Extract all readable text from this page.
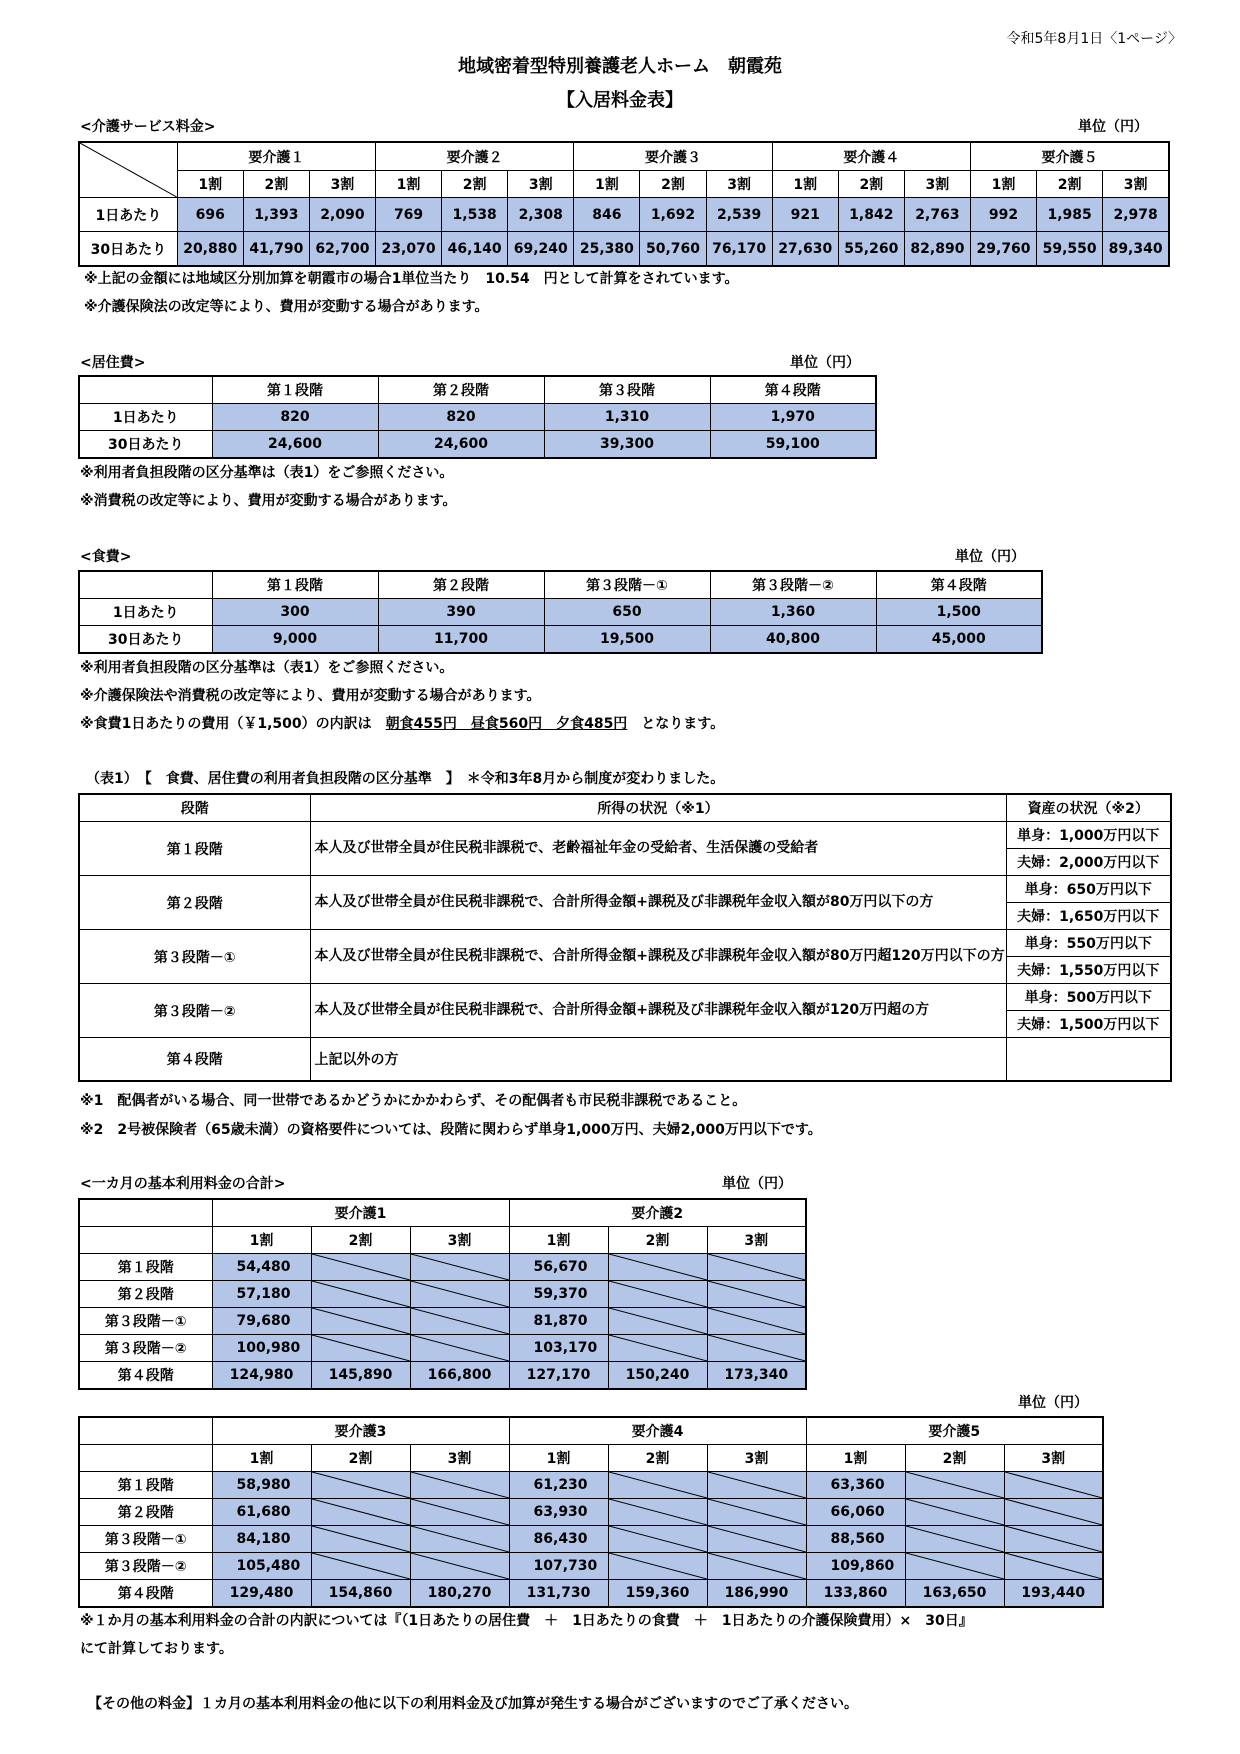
令和5年8月1日〈1ページ〉
地域密着型特別養護老人ホーム　朝霞苑
【入居料金表】
<介護サービス料金>	単位（円）
	要介護１			要介護２			要介護３			要介護４			要介護５		
	1割	2割	3割	1割	2割	3割	1割	2割	3割	1割	2割	3割	1割	2割	3割
1日あたり	696	1,393	2,090	769	1,538	2,308	846	1,692	2,539	921	1,842	2,763	992	1,985	2,978
30日あたり	20,880	41,790	62,700	23,070	46,140	69,240	25,380	50,760	76,170	27,630	55,260	82,890	29,760	59,550	89,340
※上記の金額には地域区分別加算を朝霞市の場合1単位当たり　10.54　円として計算をされています。
※介護保険法の改定等により、費用が変動する場合があります。
<居住費>	単位（円）
	第１段階	第２段階	第３段階	第４段階
1日あたり	820	820	1,310	1,970
30日あたり	24,600	24,600	39,300	59,100
※利用者負担段階の区分基準は（表1）をご参照ください。
※消費税の改定等により、費用が変動する場合があります。
<食費>	単位（円）
	第１段階	第２段階	第３段階－①	第３段階－②	第４段階
1日あたり	300	390	650	1,360	1,500
30日あたり	9,000	11,700	19,500	40,800	45,000
※利用者負担段階の区分基準は（表1）をご参照ください。
※介護保険法や消費税の改定等により、費用が変動する場合があります。
※食費1日あたりの費用（￥1,500）の内訳は　朝食455円　昼食560円　夕食485円　となります。
（表1）　【　食費、居住費の利用者負担段階の区分基準　】　＊令和3年8月から制度が変わりました。
段階	所得の状況（※1）	資産の状況（※2）
第１段階	本人及び世帯全員が住民税非課税で、老齢福祉年金の受給者、生活保護の受給者	単身：1,000万円以下
		夫婦：2,000万円以下
第２段階	本人及び世帯全員が住民税非課税で、合計所得金額+課税及び非課税年金収入額が80万円以下の方	単身：650万円以下
		夫婦：1,650万円以下
第３段階－①	本人及び世帯全員が住民税非課税で、合計所得金額+課税及び非課税年金収入額が80万円超120万円以下の方	単身：550万円以下
		夫婦：1,550万円以下
第３段階－②	本人及び世帯全員が住民税非課税で、合計所得金額+課税及び非課税年金収入額が120万円超の方	単身：500万円以下
		夫婦：1,500万円以下
第４段階	上記以外の方	
※1　配偶者がいる場合、同一世帯であるかどうかにかかわらず、その配偶者も市民税非課税であること。
※2　2号被保険者（65歳未満）の資格要件については、段階に関わらず単身1,000万円、夫婦2,000万円以下です。
<一カ月の基本利用料金の合計>	単位（円）
	要介護1			要介護2		
	1割	2割	3割	1割	2割	3割
第１段階	54,480			56,670	

第２段階	57,180			59,370	

第３段階－①	79,680			81,870	

第３段階－②	100,980			103,170	

第４段階	124,980	145,890	166,800	127,170	150,240	173,340
単位（円）
	要介護3			要介護4			要介護5		
	1割	2割	3割	1割	2割	3割	1割	2割	3割
第１段階	58,980			61,230			63,360	

第２段階	61,680			63,930			66,060	

第３段階－①	84,180			86,430			88,560	

第３段階－②	105,480			107,730			109,860	

第４段階	129,480	154,860	180,270	131,730	159,360	186,990	133,860	163,650	193,440
※１か月の基本利用料金の合計の内訳については『（1日あたりの居住費　＋　1日あたりの食費　＋　1日あたりの介護保険費用）×　30日』
にて計算しております。
【その他の料金】１カ月の基本利用料金の他に以下の利用料金及び加算が発生する場合がございますのでご了承ください。
